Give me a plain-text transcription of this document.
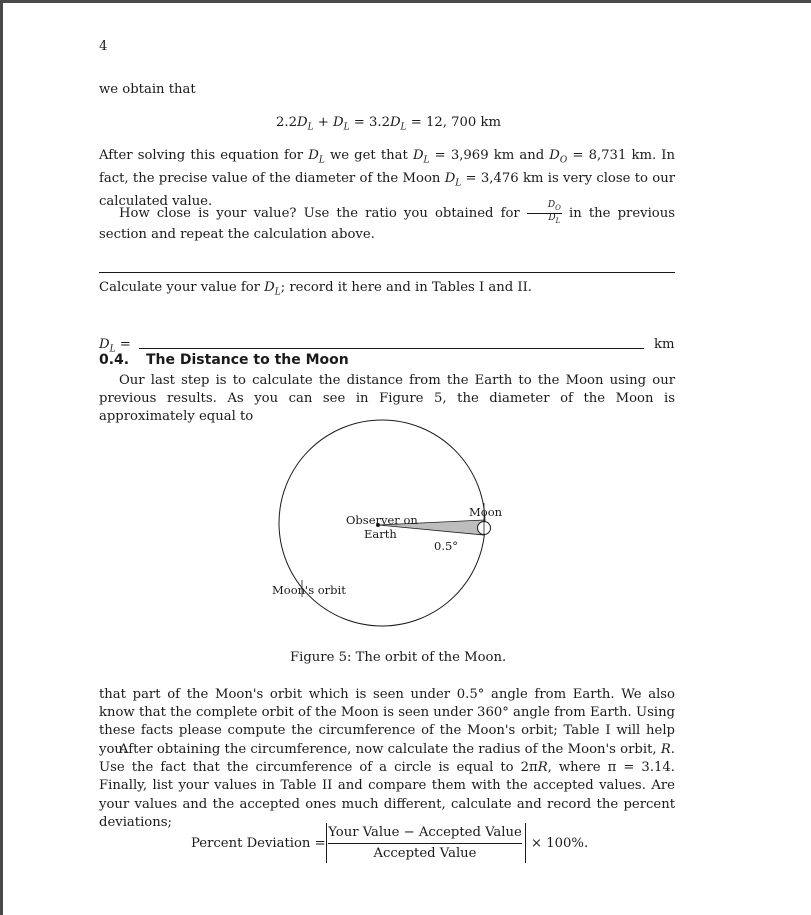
4
we obtain that
$2.2D_L + D_L = 3.2D_L = 12$, 700 km
After solving this equation for $D_L$ we get that $D_L = 3,969$ km and $D_O = 8,731$ km. In fact, the precise value of the diameter of the Moon $D_L = 3,476$ km is very close to our calculated value.
How close is your value? Use the ratio you obtained for $\frac{D_O}{D_L}$ in the previous section and repeat the calculation above.
Calculate your value for $D_L$; record it here and in Tables I and II.
$D_L$ =	km
0.4. The Distance to the Moon
Our last step is to calculate the distance from the Earth to the Moon using our previous results. As you can see in Figure 5, the diameter of the Moon is approximately equal to
Moon
Observer on
Earth
0.5°
Moon's orbit
Figure 5: The orbit of the Moon.
that part of the Moon's orbit which is seen under 0.5° angle from Earth. We also know that the complete orbit of the Moon is seen under 360° angle from Earth. Using these facts please compute the circumference of the Moon's orbit; Table I will help you.
After obtaining the circumference, now calculate the radius of the Moon's orbit, R. Use the fact that the circumference of a circle is equal to 2πR, where π = 3.14. Finally, list your values in Table II and compare them with the accepted values. Are your values and the accepted ones much different, calculate and record the percent deviations;
Percent Deviation =
Your Value − Accepted Value
Accepted Value
× 100%.
